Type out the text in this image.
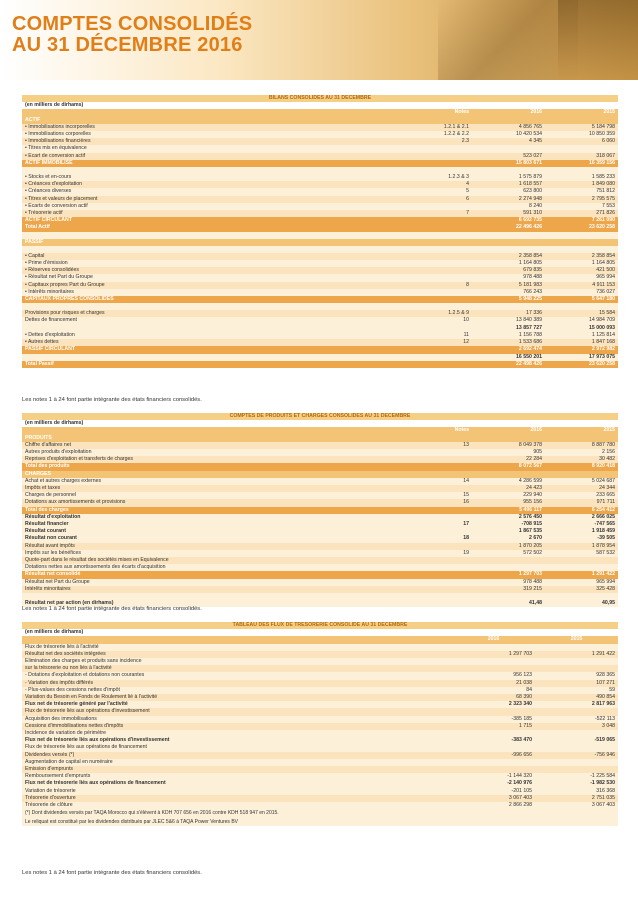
COMPTES CONSOLIDÉS
AU 31 DÉCEMBRE 2016
BILANS CONSOLIDÉS AU 31 DÉCEMBRE			
(en milliers de dirhams)			
	Notes	2016	2015
ACTIF			
• Immobilisations incorporelles	1.2.1 & 2.1	4 856 765	5 184 798
• Immobilisations corporelles	1.2.2 & 2.2	10 420 534	10 850 359
• Immobilisations financières	2.3	4 345	6 060
• Titres mis en équivalence			
• Écart de conversion actif		523 027	318 067
ACTIF IMMOBILISÉ		15 803 671	16 359 156

• Stocks et en-cours	1.2.3 & 3	1 575 879	1 585 233
• Créances d'exploitation	4	1 618 557	1 849 080
• Créances diverses	5	623 800	751 812
• Titres et valeurs de placement	6	2 274 948	2 795 575
• Écarts de conversion actif		8 240	7 553
• Trésorerie actif	7	591 310	271 826
ACTIF CIRCULANT		6 692 735	7 261 090
Total Actif		22 496 426	23 620 258

PASSIF			

• Capital		2 358 854	2 358 854
• Prime d'émission		1 164 805	1 164 805
• Réserves consolidées		679 835	421 500
• Résultat net Part du Groupe		978 488	965 994
• Capitaux propres Part du Groupe	8	5 181 983	4 911 153
• Intérêts minoritaires		766 243	736 027
CAPITAUX PROPRES CONSOLIDÉS		5 948 225	5 647 180

Provisions pour risques et charges	1.2.5 & 9	17 336	15 584
Dettes de financement	10	13 840 389	14 984 709
		13 857 727	15 000 093
• Dettes d'exploitation	11	1 156 788	1 125 814
• Autres dettes	12	1 533 686	1 847 168
PASSIF CIRCULANT		2 692 474	2 972 982
		16 550 201	17 973 075
Total Passif		22 498 426	23 620 258
Les notes 1 à 24 font partie intégrante des états financiers consolidés.
COMPTES DE PRODUITS ET CHARGES CONSOLIDÉS AU 31 DÉCEMBRE			
(en milliers de dirhams)			
	Notes	2016	2015
PRODUITS			
Chiffre d'affaires net	13	8 049 378	8 887 780
Autres produits d'exploitation		905	2 156
Reprises d'exploitation et transferts de charges		22 284	30 482
Total des produits		8 072 567	8 920 418
CHARGES			
Achat et autres charges externes	14	4 286 599	5 024 687
Impôts et taxes		24 423	24 344
Charges de personnel	15	229 940	233 665
Dotations aux amortissements et provisions	16	955 156	971 711
Total des charges		5 496 117	6 254 412
Résultat d'exploitation		2 576 450	2 666 025
Résultat financier	17	-708 915	-747 565
Résultat courant		1 867 535	1 918 459
Résultat non courant	18	2 670	-39 505
Résultat avant impôts		1 870 205	1 878 954
Impôts sur les bénéfices	19	572 502	587 532
Quote-part dans le résultat des sociétés mises en Équivalence			
Dotations nettes aux amortissements des écarts d'acquisition			
Résultat net consolidé		1 297 703	1 291 422
Résultat net Part du Groupe		978 488	965 994
Intérêts minoritaires		319 215	325 428

Résultat net par action (en dirhams)		41,48	40,95
Les notes 1 à 24 font partie intégrante des états financiers consolidés.
TABLEAU DES FLUX DE TRÉSORERIE CONSOLIDÉ AU 31 DÉCEMBRE		
(en milliers de dirhams)		
	2016	2015
Flux de trésorerie liés à l'activité		
Résultat net des sociétés intégrées	1 297 703	1 291 422
Élimination des charges et produits sans incidence		
sur la trésorerie ou non liés à l'activité		
- Dotations d'exploitation et dotations non courantes	956 123	928 365
- Variation des impôts différés	21 038	107 271
- Plus-values des cessions nettes d'impôt	84	59
Variation du Besoin en Fonds de Roulement lié à l'activité	68 390	490 854
Flux net de trésorerie généré par l'activité	2 323 340	2 817 963
Flux de trésorerie liés aux opérations d'investissement		
Acquisition des immobilisations	-385 185	-522 113
Cessions d'immobilisations nettes d'impôts	1 715	3 048
Incidence de variation de périmètre		
Flux net de trésorerie liés aux opérations d'investissement	-383 470	-519 065
Flux de trésorerie liés aux opérations de financement		
Dividendes versés (*)	-996 656	-756 946
Augmentation de capital en numéraire		
Émission d'emprunts		
Remboursement d'emprunts	-1 144 320	-1 225 584
Flux net de trésorerie liés aux opérations de financement	-2 140 976	-1 982 530
Variation de trésorerie	-201 105	316 368
Trésorerie d'ouverture	3 067 403	2 751 035
Trésorerie de clôture	2 866 298	3 067 403
(*) Dont dividendes versés par TAQA Morocco qui s'élèvent à KDH 707 656 en 2016 contre KDH 518 947 en 2015.
Le reliquat est constitué par les dividendes distribués par JLEC 5&6 à TAQA Power Ventures BV
Les notes 1 à 24 font partie intégrante des états financiers consolidés.
